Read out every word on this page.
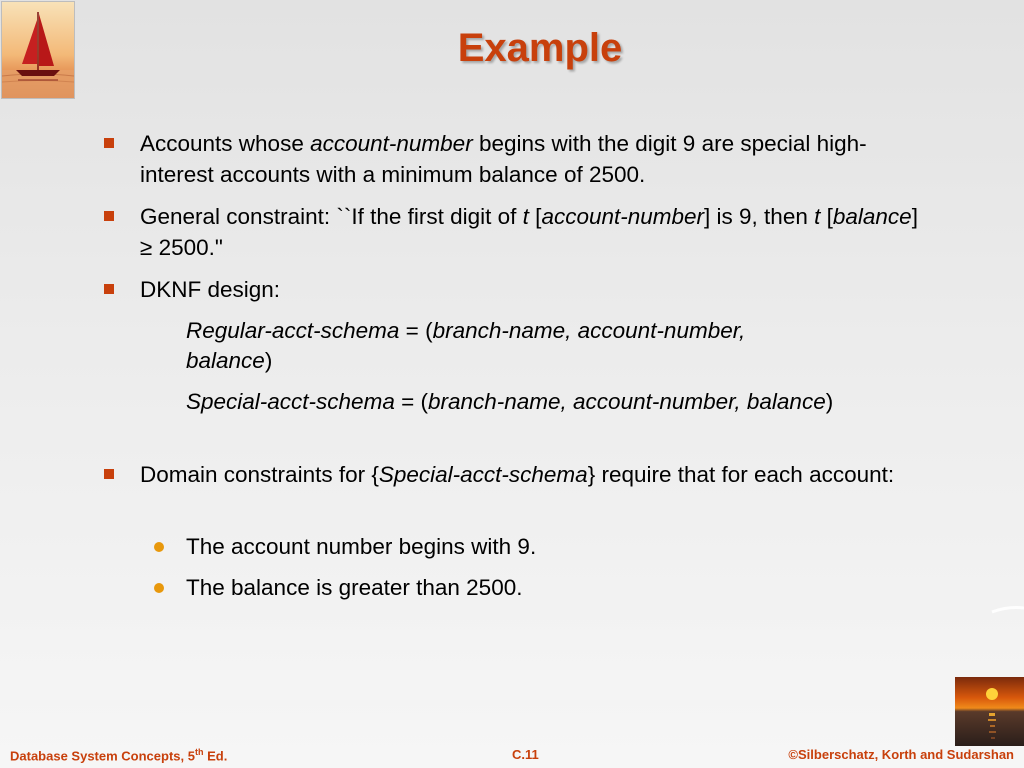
Example
Accounts whose account-number begins with the digit 9 are special high-interest accounts with a minimum balance of 2500.
General constraint: ``If the first digit of t [account-number] is 9, then t [balance] ≥ 2500."
DKNF design:
Regular-acct-schema = (branch-name, account-number, balance)
Special-acct-schema = (branch-name, account-number, balance)
Domain constraints for {Special-acct-schema} require that for each account:
The account number begins with 9.
The balance is greater than 2500.
Database System Concepts, 5th Ed.	C.11	©Silberschatz, Korth and Sudarshan
